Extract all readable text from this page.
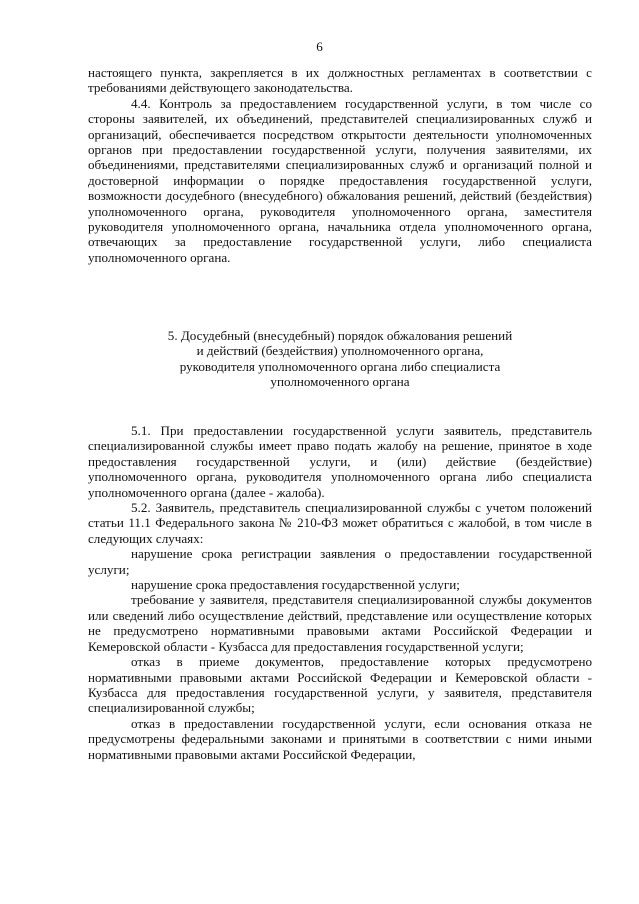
6

настоящего пункта, закрепляется в их должностных регламентах в соответствии с требованиями действующего законодательства.

4.4. Контроль за предоставлением государственной услуги, в том числе со стороны заявителей, их объединений, представителей специализированных служб и организаций, обеспечивается посредством открытости деятельности уполномоченных органов при предоставлении государственной услуги, получения заявителями, их объединениями, представителями специализированных служб и организаций полной и достоверной информации о порядке предоставления государственной услуги, возможности досудебного (внесудебного) обжалования решений, действий (бездействия) уполномоченного органа, руководителя уполномоченного органа, заместителя руководителя уполномоченного органа, начальника отдела уполномоченного органа, отвечающих за предоставление государственной услуги, либо специалиста уполномоченного органа.

5. Досудебный (внесудебный) порядок обжалования решений
и действий (бездействия) уполномоченного органа,
руководителя уполномоченного органа либо специалиста
уполномоченного органа

5.1. При предоставлении государственной услуги заявитель, представитель специализированной службы имеет право подать жалобу на решение, принятое в ходе предоставления государственной услуги, и (или) действие (бездействие) уполномоченного органа, руководителя уполномоченного органа либо специалиста уполномоченного органа (далее - жалоба).

5.2. Заявитель, представитель специализированной службы с учетом положений статьи 11.1 Федерального закона № 210-ФЗ может обратиться с жалобой, в том числе в следующих случаях:

нарушение срока регистрации заявления о предоставлении государственной услуги;

нарушение срока предоставления государственной услуги;

требование у заявителя, представителя специализированной службы документов или сведений либо осуществление действий, представление или осуществление которых не предусмотрено нормативными правовыми актами Российской Федерации и Кемеровской области - Кузбасса для предоставления государственной услуги;

отказ в приеме документов, предоставление которых предусмотрено нормативными правовыми актами Российской Федерации и Кемеровской области - Кузбасса для предоставления государственной услуги, у заявителя, представителя специализированной службы;

отказ в предоставлении государственной услуги, если основания отказа не предусмотрены федеральными законами и принятыми в соответствии с ними иными нормативными правовыми актами Российской Федерации,
